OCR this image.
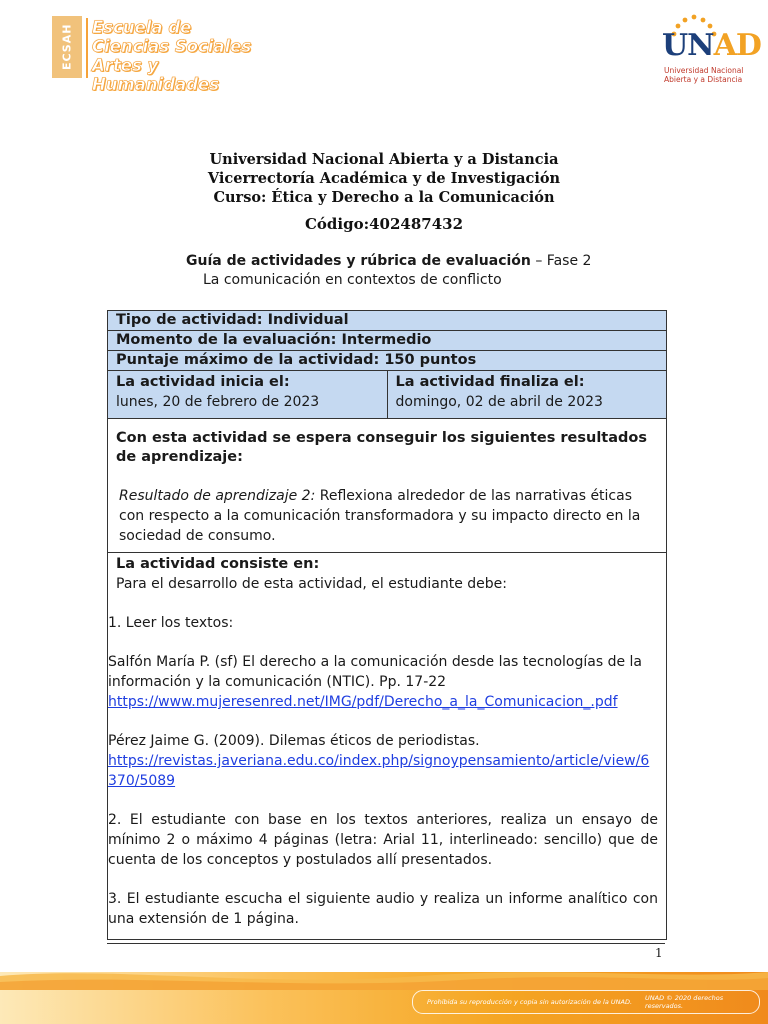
ECSAH	Escuela de
Ciencias Sociales
Artes y Humanidades
UNAD
Universidad Nacional
Abierta y a Distancia
Universidad Nacional Abierta y a Distancia
Vicerrectoría Académica y de Investigación
Curso: Ética y Derecho a la Comunicación
Código:402487432
Guía de actividades y rúbrica de evaluación – Fase 2
La comunicación en contextos de conflicto
Tipo de actividad: Individual
Momento de la evaluación: Intermedio
Puntaje máximo de la actividad: 150 puntos
La actividad inicia el:
lunes, 20 de febrero de 2023
La actividad finaliza el:
domingo, 02 de abril de 2023
Con esta actividad se espera conseguir los siguientes resultados de aprendizaje:
Resultado de aprendizaje 2: Reflexiona alrededor de las narrativas éticas con respecto a la comunicación transformadora y su impacto directo en la sociedad de consumo.
La actividad consiste en:
Para el desarrollo de esta actividad, el estudiante debe:
1. Leer los textos:
Salfón María P. (sf) El derecho a la comunicación desde las tecnologías de la información y la comunicación (NTIC). Pp. 17-22
https://www.mujeresenred.net/IMG/pdf/Derecho_a_la_Comunicacion_.pdf
Pérez Jaime G. (2009). Dilemas éticos de periodistas.
https://revistas.javeriana.edu.co/index.php/signoypensamiento/article/view/6370/5089
2. El estudiante con base en los textos anteriores, realiza un ensayo de mínimo 2 o máximo 4 páginas (letra: Arial 11, interlineado: sencillo) que de cuenta de los conceptos y postulados allí presentados.
3. El estudiante escucha el siguiente audio y realiza un informe analítico con una extensión de 1 página.
1
Prohibida su reproducción y copia sin autorización de la UNAD.	UNAD © 2020 derechos reservados.
